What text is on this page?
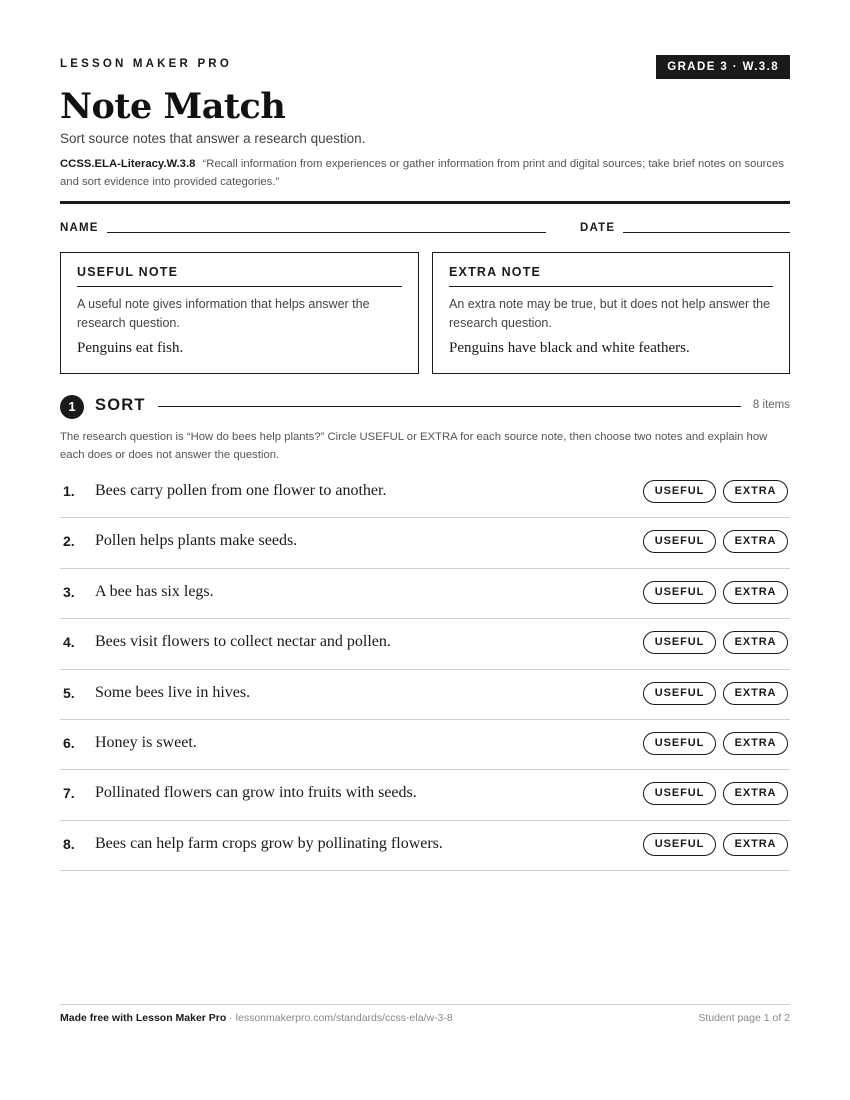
LESSON MAKER PRO	GRADE 3 · W.3.8
Note Match
Sort source notes that answer a research question.
CCSS.ELA-Literacy.W.3.8 “Recall information from experiences or gather information from print and digital sources; take brief notes on sources and sort evidence into provided categories.”
NAME	DATE
USEFUL NOTE
A useful note gives information that helps answer the research question.
Penguins eat fish.
EXTRA NOTE
An extra note may be true, but it does not help answer the research question.
Penguins have black and white feathers.
1	SORT	8 items
The research question is “How do bees help plants?” Circle USEFUL or EXTRA for each source note, then choose two notes and explain how each does or does not answer the question.
1. Bees carry pollen from one flower to another.	USEFUL	EXTRA
2. Pollen helps plants make seeds.	USEFUL	EXTRA
3. A bee has six legs.	USEFUL	EXTRA
4. Bees visit flowers to collect nectar and pollen.	USEFUL	EXTRA
5. Some bees live in hives.	USEFUL	EXTRA
6. Honey is sweet.	USEFUL	EXTRA
7. Pollinated flowers can grow into fruits with seeds.	USEFUL	EXTRA
8. Bees can help farm crops grow by pollinating flowers.	USEFUL	EXTRA
Made free with Lesson Maker Pro · lessonmakerpro.com/standards/ccss-ela/w-3-8	Student page 1 of 2
